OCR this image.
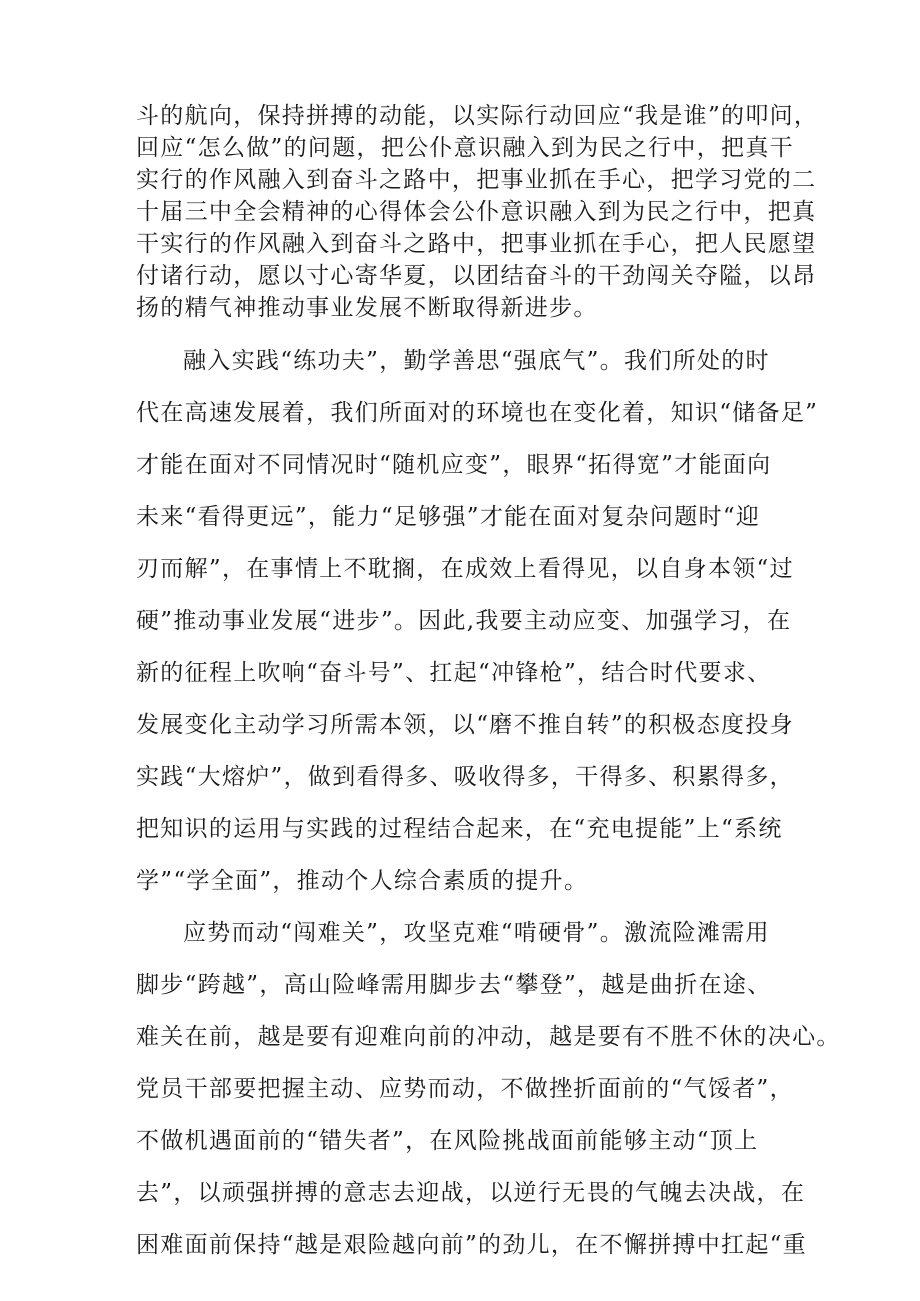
斗的航向，保持拼搏的动能，以实际行动回应“我是谁”的叩问，
回应“怎么做”的问题，把公仆意识融入到为民之行中，把真干
实行的作风融入到奋斗之路中，把事业抓在手心，把学习党的二
十届三中全会精神的心得体会公仆意识融入到为民之行中，把真
干实行的作风融入到奋斗之路中，把事业抓在手心，把人民愿望
付诸行动，愿以寸心寄华夏，以团结奋斗的干劲闯关夺隘，以昂
扬的精气神推动事业发展不断取得新进步。
融入实践“练功夫”，勤学善思“强底气”。我们所处的时
代在高速发展着，我们所面对的环境也在变化着，知识“储备足”
才能在面对不同情况时“随机应变”，眼界“拓得宽”才能面向
未来“看得更远”，能力“足够强”才能在面对复杂问题时“迎
刃而解”，在事情上不耽搁，在成效上看得见，以自身本领“过
硬”推动事业发展“进步”。因此,我要主动应变、加强学习，在
新的征程上吹响“奋斗号”、扛起“冲锋枪”，结合时代要求、
发展变化主动学习所需本领，以“磨不推自转”的积极态度投身
实践“大熔炉”，做到看得多、吸收得多，干得多、积累得多，
把知识的运用与实践的过程结合起来，在“充电提能”上“系统
学”“学全面”，推动个人综合素质的提升。
应势而动“闯难关”，攻坚克难“啃硬骨”。激流险滩需用
脚步“跨越”，高山险峰需用脚步去“攀登”，越是曲折在途、
难关在前，越是要有迎难向前的冲动，越是要有不胜不休的决心。
党员干部要把握主动、应势而动，不做挫折面前的“气馁者”，
不做机遇面前的“错失者”，在风险挑战面前能够主动“顶上
去”，以顽强拼搏的意志去迎战，以逆行无畏的气魄去决战，在
困难面前保持“越是艰险越向前”的劲儿，在不懈拼搏中扛起“重
